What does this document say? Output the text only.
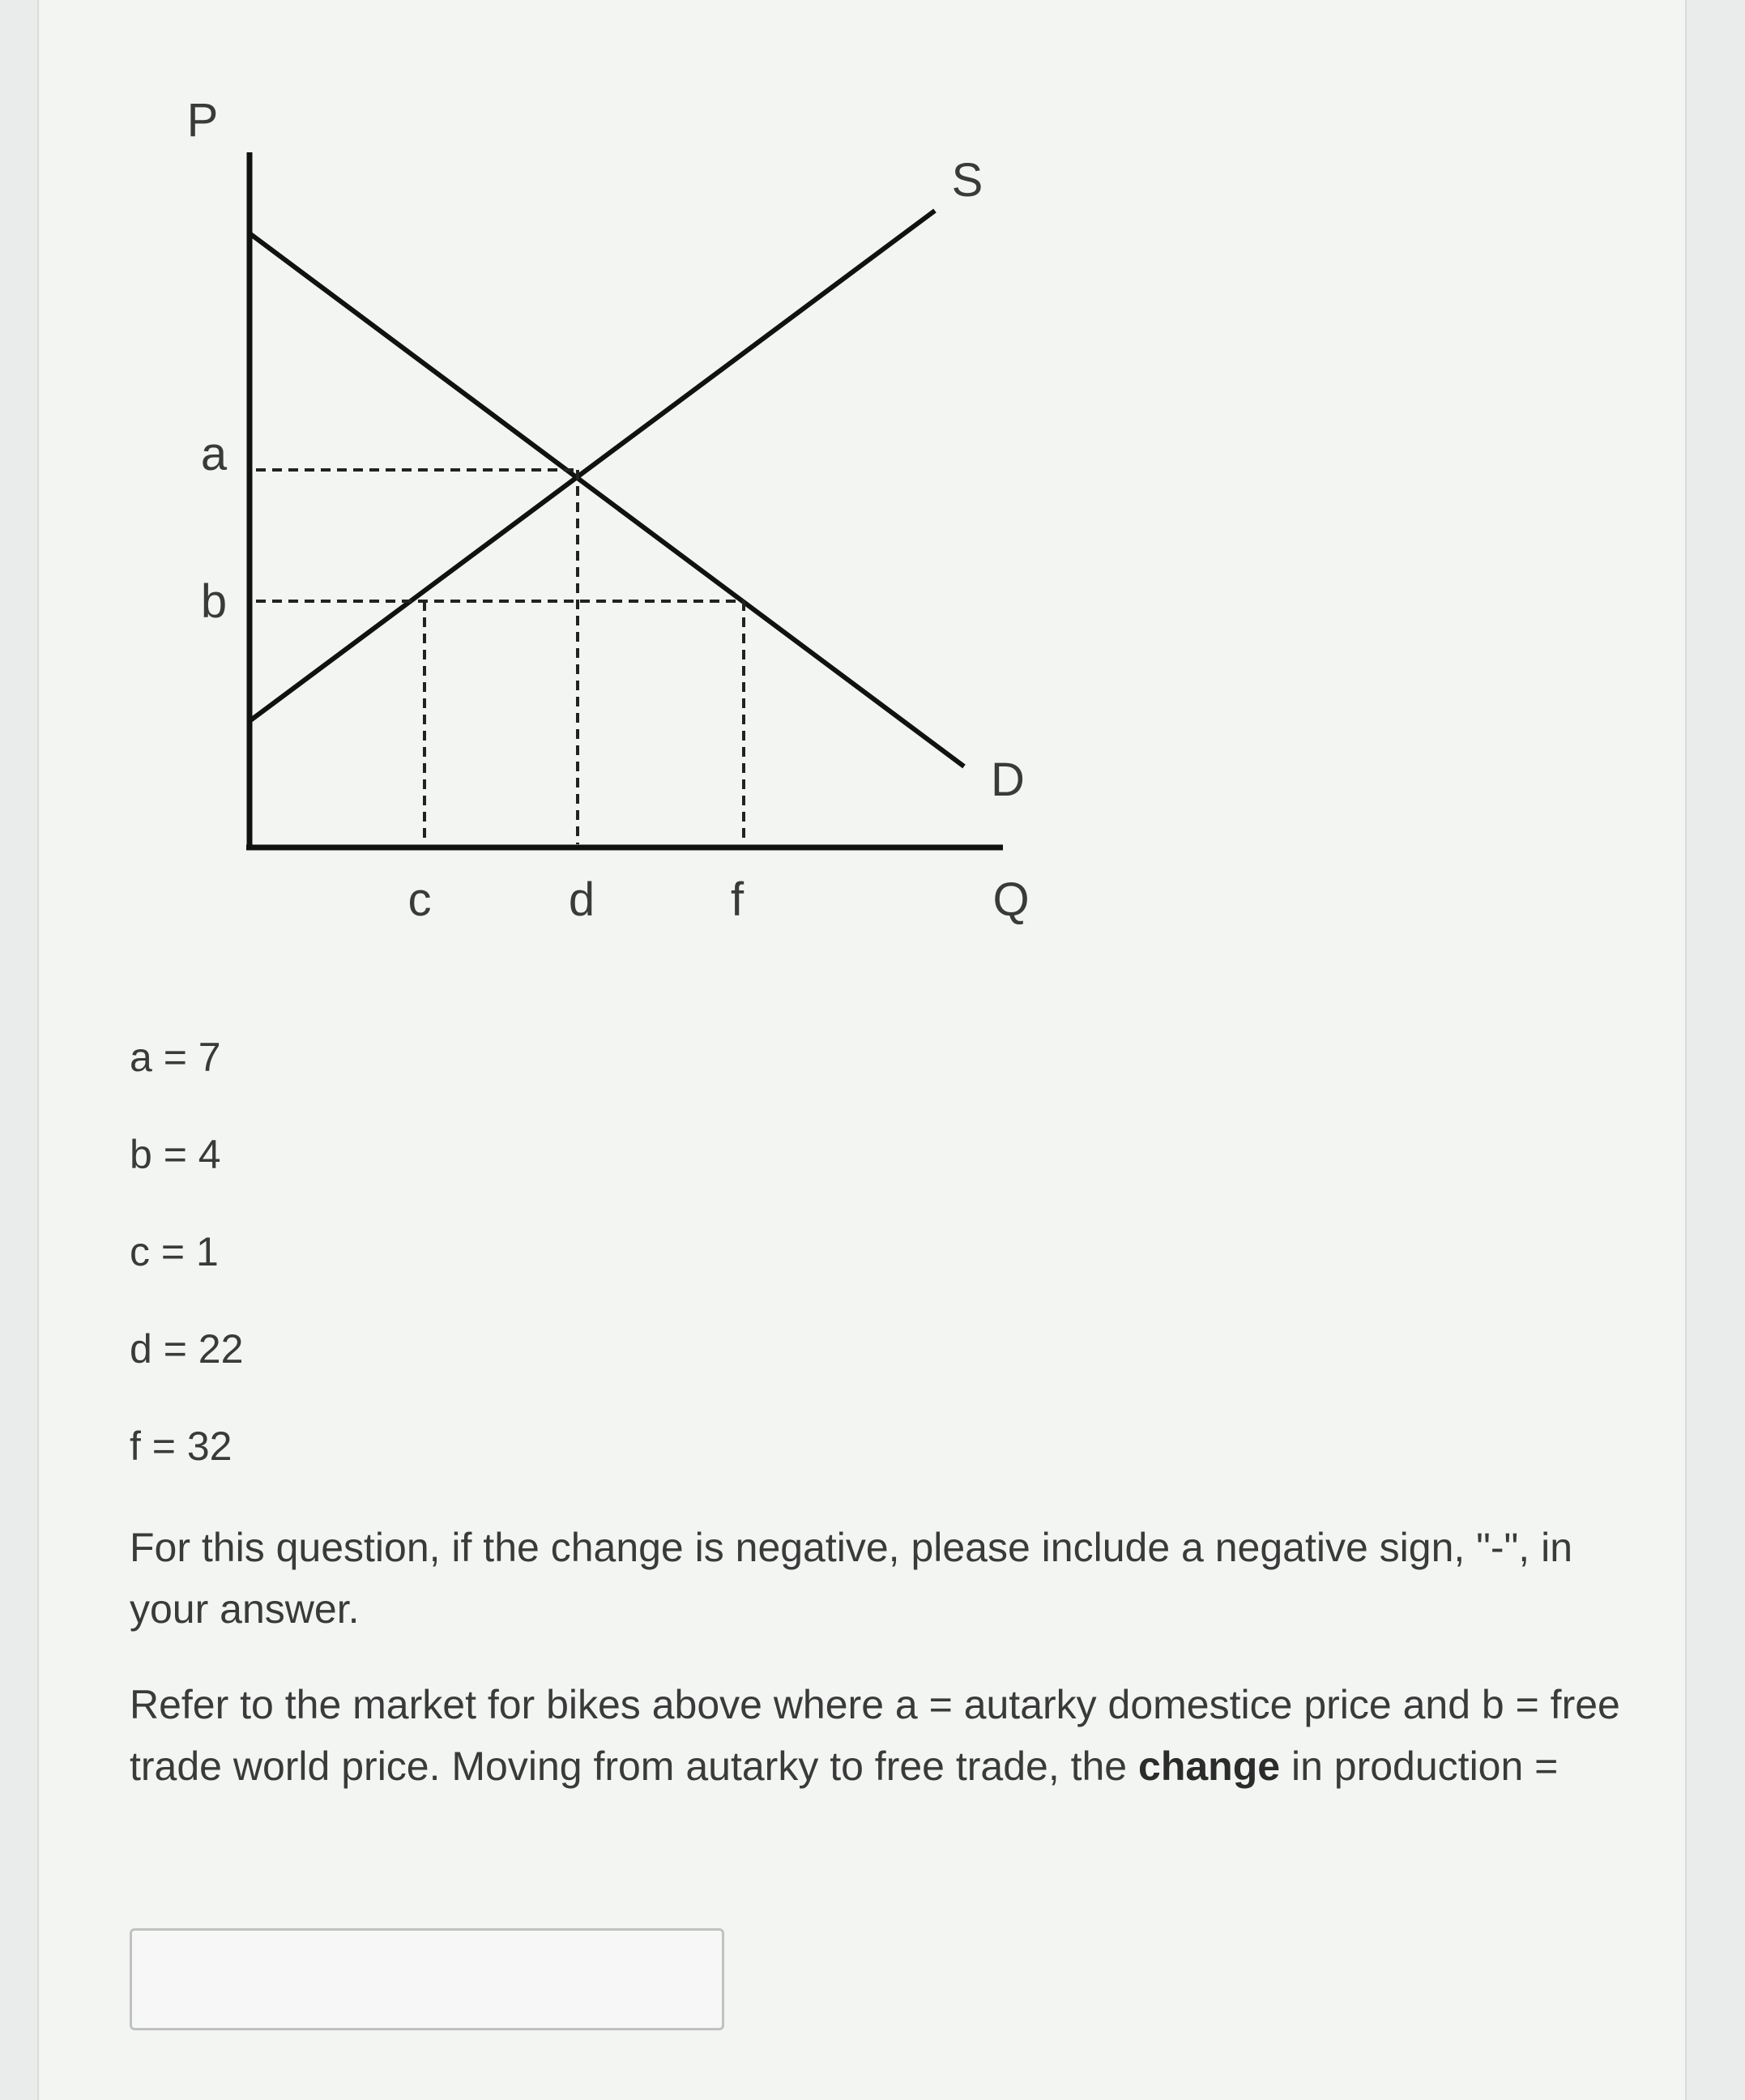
P
Q
S
D
a
b
c	d	f
a = 7
b = 4
c = 1
d = 22
f = 32
For this question, if the change is negative, please include a negative sign, "-", in your answer.
Refer to the market for bikes above where a = autarky domestice price and b = free trade world price. Moving from autarky to free trade, the change in production =
